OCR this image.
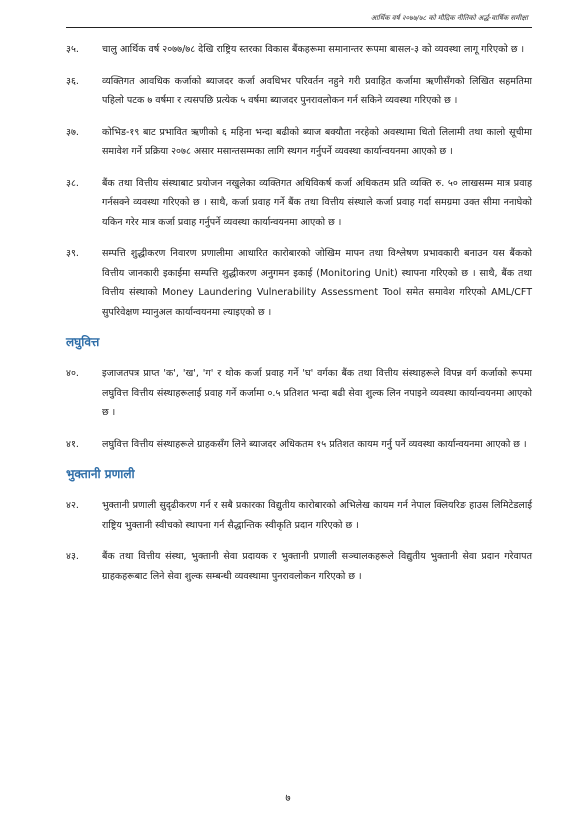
आर्थिक वर्ष २०७७/७८ को मौद्रिक नीतिको अर्द्ध-वार्षिक समीक्षा
३५.	चालु आर्थिक वर्ष २०७७/७८ देखि राष्ट्रिय स्तरका विकास बैंकहरूमा समानान्तर रूपमा बासल-३ को व्यवस्था लागू गरिएको छ ।
३६.	व्यक्तिगत आवधिक कर्जाको ब्याजदर कर्जा अवधिभर परिवर्तन नहुने गरी प्रवाहित कर्जामा ऋणीसँगको लिखित सहमतिमा पहिलो पटक ७ वर्षमा र त्यसपछि प्रत्येक ५ वर्षमा ब्याजदर पुनरावलोकन गर्न सकिने व्यवस्था गरिएको छ ।
३७.	कोभिड-१९ बाट प्रभावित ऋणीको ६ महिना भन्दा बढीको ब्याज बक्यौता नरहेको अवस्थामा धितो लिलामी तथा कालो सूचीमा समावेश गर्ने प्रक्रिया २०७८ असार मसान्तसम्मका लागि स्थगन गर्नुपर्ने व्यवस्था कार्यान्वयनमा आएको छ ।
३८.	बैंक तथा वित्तीय संस्थाबाट प्रयोजन नखुलेका व्यक्तिगत अधिविकर्ष कर्जा अधिकतम प्रति व्यक्ति रु. ५० लाखसम्म मात्र प्रवाह गर्नसक्ने व्यवस्था गरिएको छ । साथै, कर्जा प्रवाह गर्ने बैंक तथा वित्तीय संस्थाले कर्जा प्रवाह गर्दा समग्रमा उक्त सीमा ननाघेको यकिन गरेर मात्र कर्जा प्रवाह गर्नुपर्ने व्यवस्था कार्यान्वयनमा आएको छ ।
३९.	सम्पत्ति शुद्धीकरण निवारण प्रणालीमा आधारित कारोबारको जोखिम मापन तथा विश्लेषण प्रभावकारी बनाउन यस बैंकको वित्तीय जानकारी इकाईमा सम्पत्ति शुद्धीकरण अनुगमन इकाई (Monitoring Unit) स्थापना गरिएको छ । साथै, बैंक तथा वित्तीय संस्थाको Money Laundering Vulnerability Assessment Tool समेत समावेश गरिएको AML/CFT सुपरिवेक्षण म्यानुअल कार्यान्वयनमा ल्याइएको छ ।
लघुवित्त
४०.	इजाजतपत्र प्राप्त 'क', 'ख', 'ग' र थोक कर्जा प्रवाह गर्ने 'घ' वर्गका बैंक तथा वित्तीय संस्थाहरूले विपन्न वर्ग कर्जाको रूपमा लघुवित्त वित्तीय संस्थाहरूलाई प्रवाह गर्ने कर्जामा ०.५ प्रतिशत भन्दा बढी सेवा शुल्क लिन नपाइने व्यवस्था कार्यान्वयनमा आएको छ ।
४१.	लघुवित्त वित्तीय संस्थाहरूले ग्राहकसँग लिने ब्याजदर अधिकतम १५ प्रतिशत कायम गर्नु पर्ने व्यवस्था कार्यान्वयनमा आएको छ ।
भुक्तानी प्रणाली
४२.	भुक्तानी प्रणाली सुदृढीकरण गर्न र सबै प्रकारका विद्युतीय कारोबारको अभिलेख कायम गर्न नेपाल क्लियरिङ हाउस लिमिटेडलाई राष्ट्रिय भुक्तानी स्वीचको स्थापना गर्न सैद्धान्तिक स्वीकृति प्रदान गरिएको छ ।
४३.	बैंक तथा वित्तीय संस्था, भुक्तानी सेवा प्रदायक र भुक्तानी प्रणाली सञ्चालकहरूले विद्युतीय भुक्तानी सेवा प्रदान गरेवापत ग्राहकहरूबाट लिने सेवा शुल्क सम्बन्धी व्यवस्थामा पुनरावलोकन गरिएको छ ।
७
